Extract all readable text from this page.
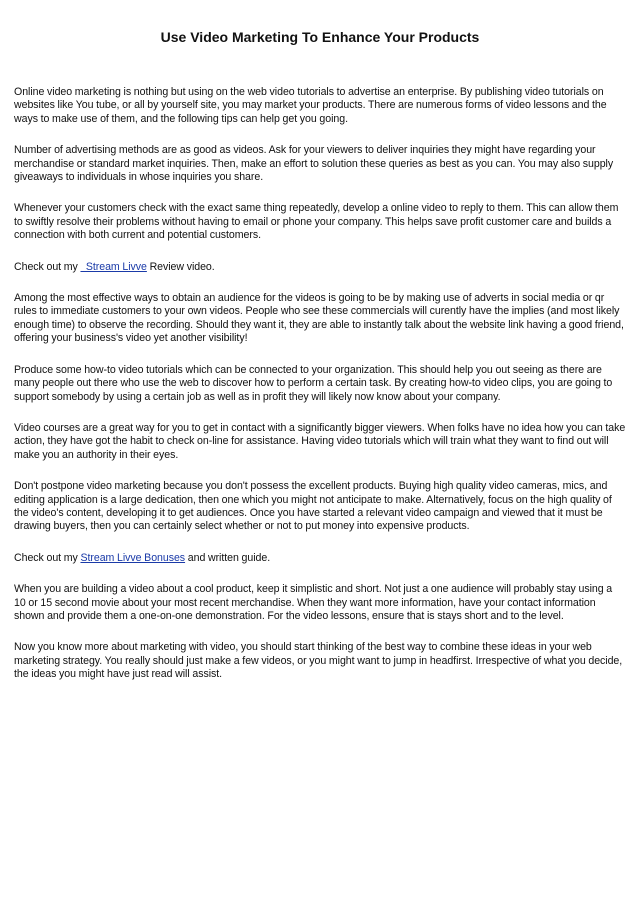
Use Video Marketing To Enhance Your Products

Online video marketing is nothing but using on the web video tutorials to advertise an enterprise. By publishing video tutorials on websites like You tube, or all by yourself site, you may market your products. There are numerous forms of video lessons and the ways to make use of them, and the following tips can help get you going.

Number of advertising methods are as good as videos. Ask for your viewers to deliver inquiries they might have regarding your merchandise or standard market inquiries. Then, make an effort to solution these queries as best as you can. You may also supply giveaways to individuals in whose inquiries you share.

Whenever your customers check with the exact same thing repeatedly, develop a online video to reply to them. This can allow them to swiftly resolve their problems without having to email or phone your company. This helps save profit customer care and builds a connection with both current and potential customers.

Check out my   Stream Livve Review video.

Among the most effective ways to obtain an audience for the videos is going to be by making use of adverts in social media or qr rules to immediate customers to your own videos. People who see these commercials will curently have the implies (and most likely enough time) to observe the recording. Should they want it, they are able to instantly talk about the website link having a good friend, offering your business's video yet another visibility!

Produce some how-to video tutorials which can be connected to your organization. This should help you out seeing as there are many people out there who use the web to discover how to perform a certain task. By creating how-to video clips, you are going to support somebody by using a certain job as well as in profit they will likely now know about your company.

Video courses are a great way for you to get in contact with a significantly bigger viewers. When folks have no idea how you can take action, they have got the habit to check on-line for assistance. Having video tutorials which will train what they want to find out will make you an authority in their eyes.

Don't postpone video marketing because you don't possess the excellent products. Buying high quality video cameras, mics, and editing application is a large dedication, then one which you might not anticipate to make. Alternatively, focus on the high quality of the video's content, developing it to get audiences. Once you have started a relevant video campaign and viewed that it must be drawing buyers, then you can certainly select whether or not to put money into expensive products.

Check out my Stream Livve Bonuses and written guide.

When you are building a video about a cool product, keep it simplistic and short. Not just a one audience will probably stay using a 10 or 15 second movie about your most recent merchandise. When they want more information, have your contact information shown and provide them a one-on-one demonstration. For the video lessons, ensure that is stays short and to the level.

Now you know more about marketing with video, you should start thinking of the best way to combine these ideas in your web marketing strategy. You really should just make a few videos, or you might want to jump in headfirst. Irrespective of what you decide, the ideas you might have just read will assist.
